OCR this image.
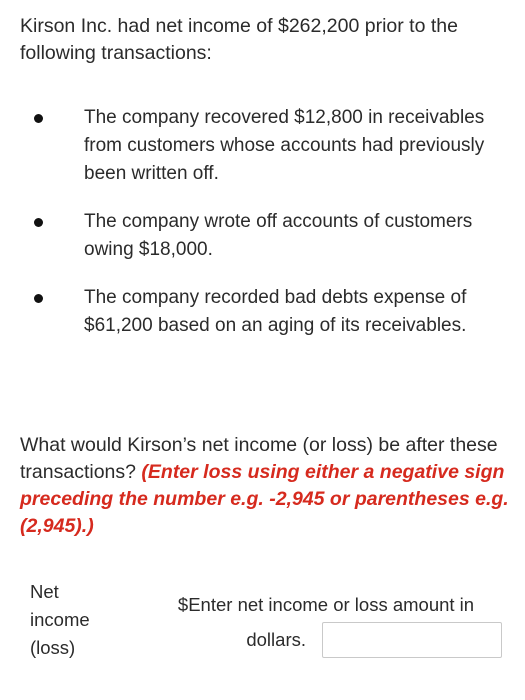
Kirson Inc. had net income of $262,200 prior to the following transactions:

The company recovered $12,800 in receivables from customers whose accounts had previously been written off.
The company wrote off accounts of customers owing $18,000.
The company recorded bad debts expense of $61,200 based on an aging of its receivables.

What would Kirson’s net income (or loss) be after these transactions? (Enter loss using either a negative sign preceding the number e.g. -2,945 or parentheses e.g. (2,945).)

Net income (loss)

$Enter net income or loss amount in
dollars.
